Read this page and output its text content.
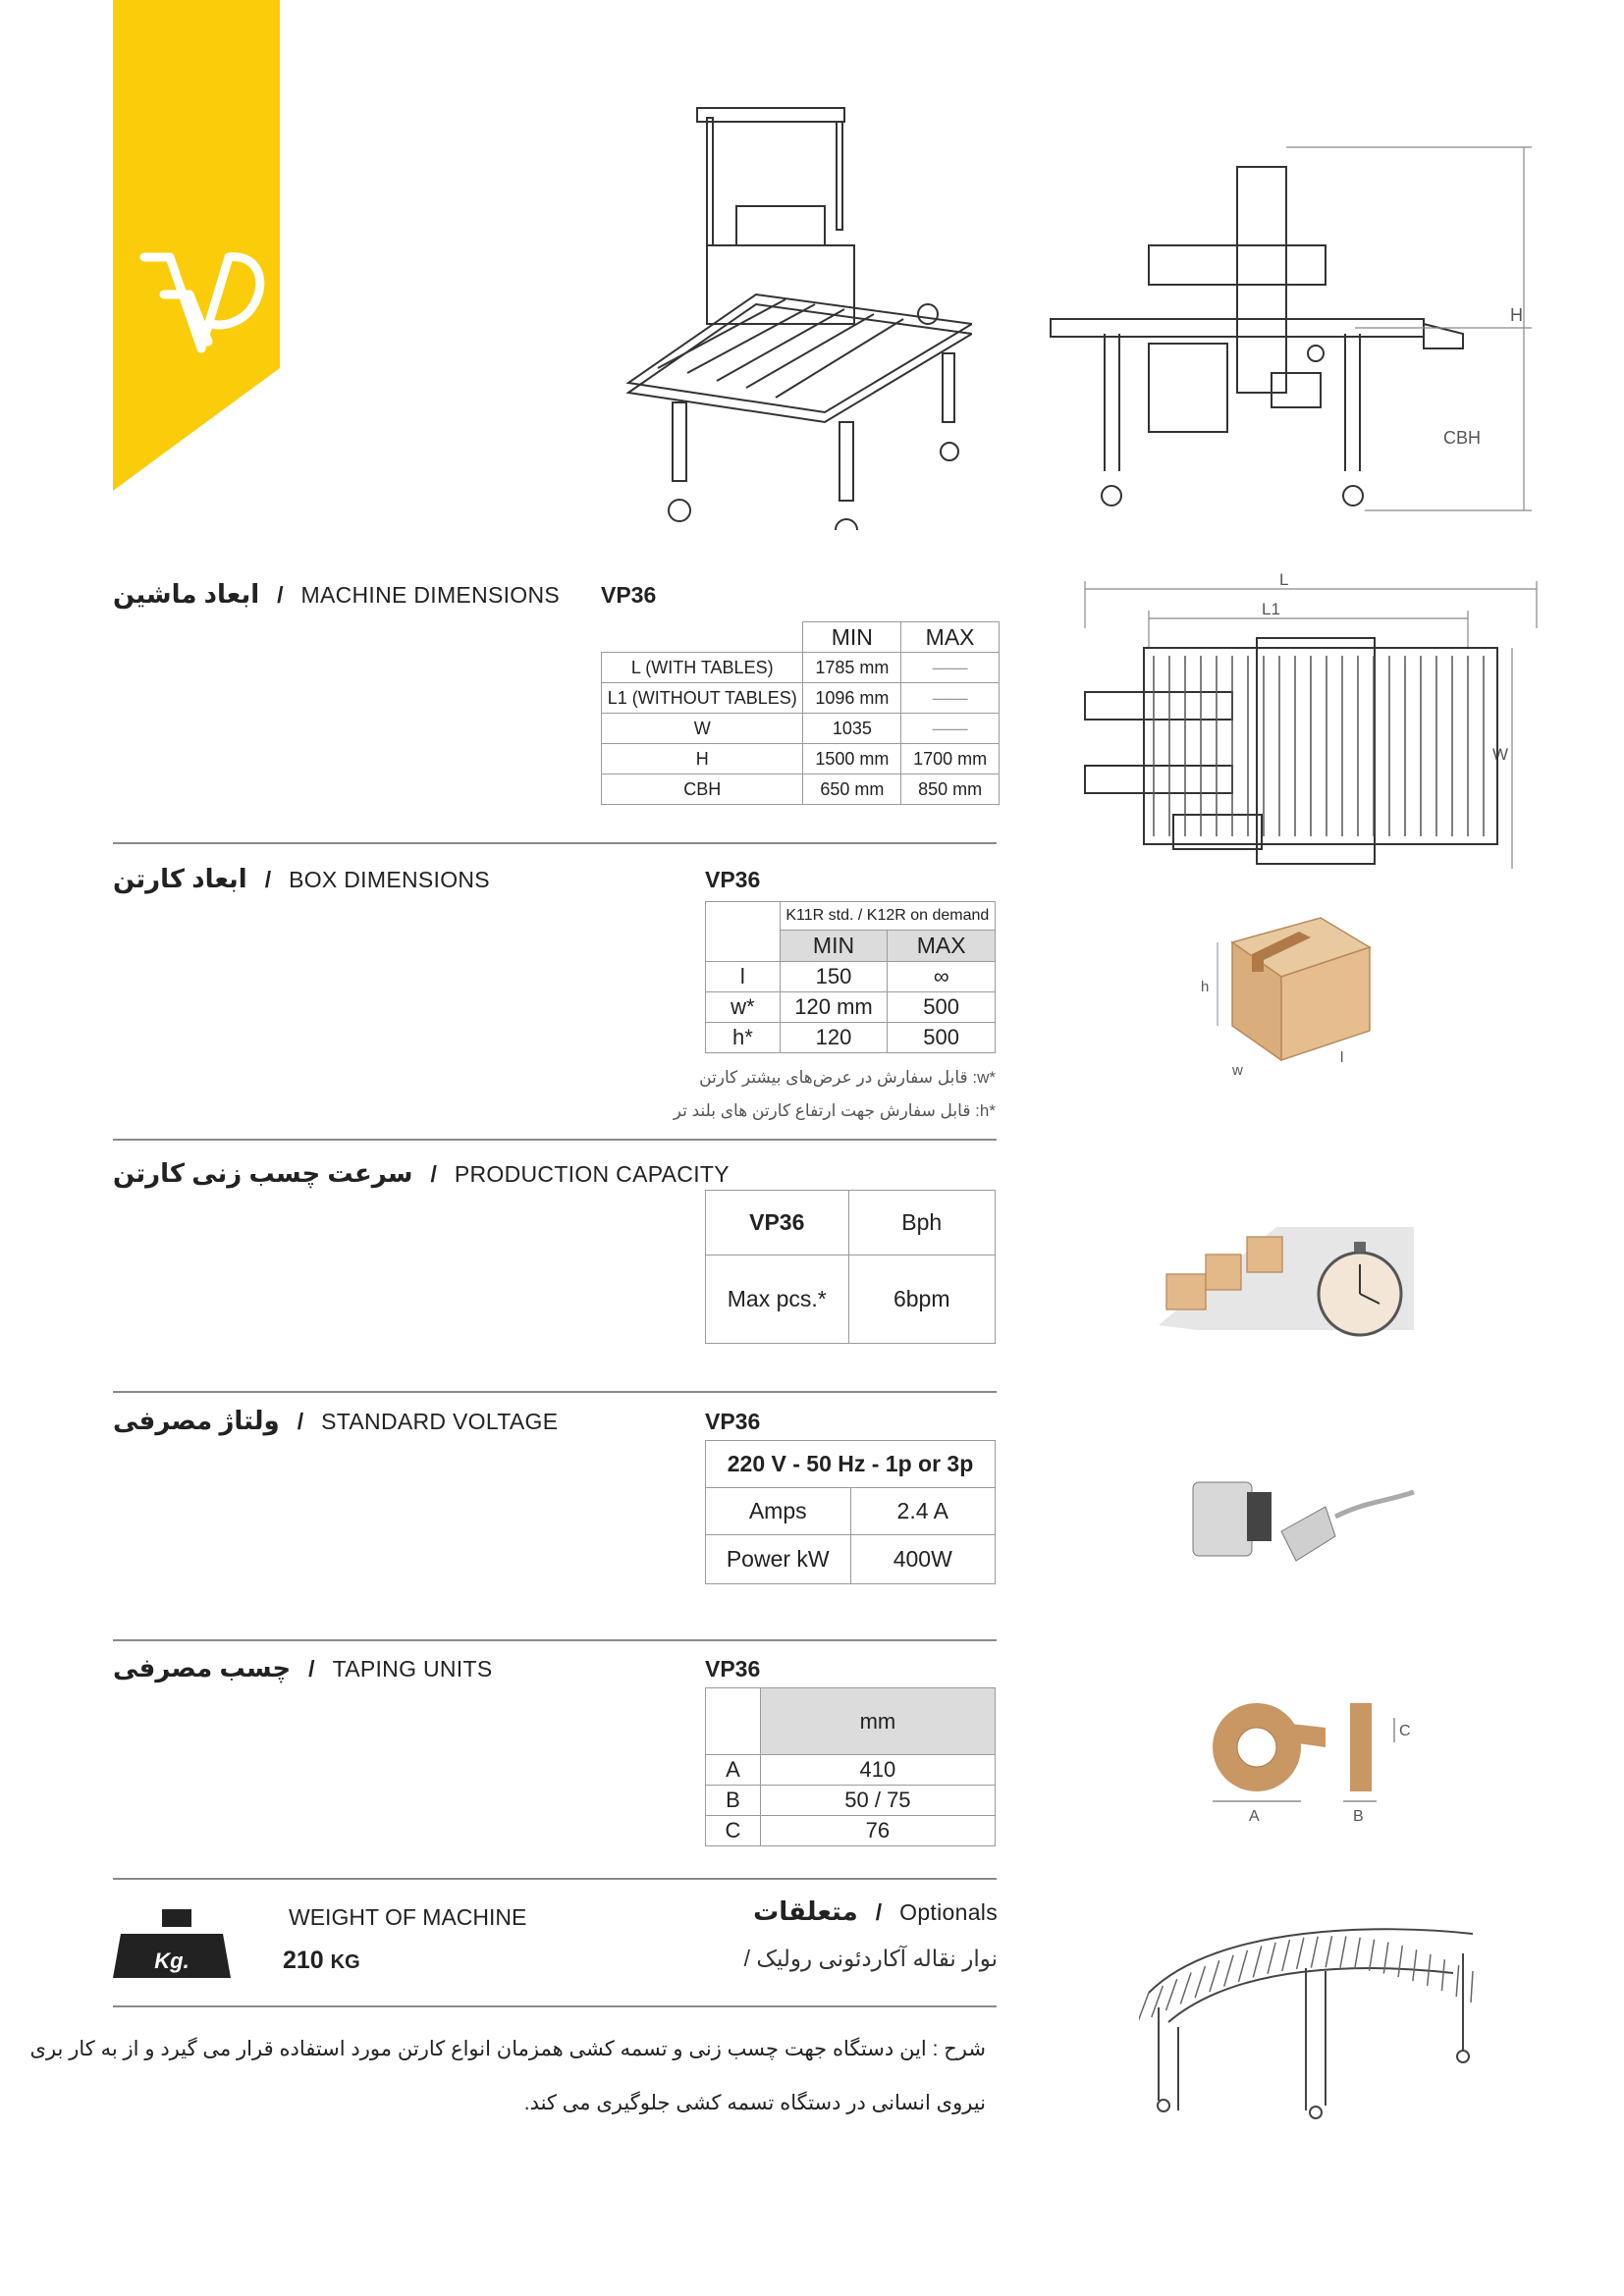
H
CBH
L
L1
W
ابعاد ماشین / MACHINE DIMENSIONS VP36
	MIN	MAX
L (WITH TABLES)	1785 mm	——
L1 (WITHOUT TABLES)	1096 mm	——
W	1035	——
H	1500 mm	1700 mm
CBH	650 mm	850 mm
ابعاد کارتن / BOX DIMENSIONS	VP36
	K11R std. / K12R on demand	
	MIN	MAX
l	150	∞
w*	120 mm	500
h*	120	500
*w: قابل سفارش در عرض‌های بیشتر کارتن
*h: قابل سفارش جهت ارتفاع کارتن های بلند تر
h
w
l
سرعت چسب زنی کارتن / PRODUCTION CAPACITY
VP36	Bph
Max pcs.*	6bpm
ولتاژ مصرفی / STANDARD VOLTAGE	VP36
220 V - 50 Hz - 1p or 3p	
Amps	2.4 A
Power kW	400W
چسب مصرفی / TAPING UNITS	VP36
	mm
A	410
B	50 / 75
C	76
A	B
C
Kg.
WEIGHT OF MACHINE
210 KG
متعلقات / Optionals
نوار نقاله آکاردئونی رولیک /
شرح : این دستگاه جهت چسب زنی و تسمه کشی همزمان انواع کارتن مورد استفاده قرار می گیرد و از به کار بری
نیروی انسانی در دستگاه تسمه کشی جلوگیری می کند.
